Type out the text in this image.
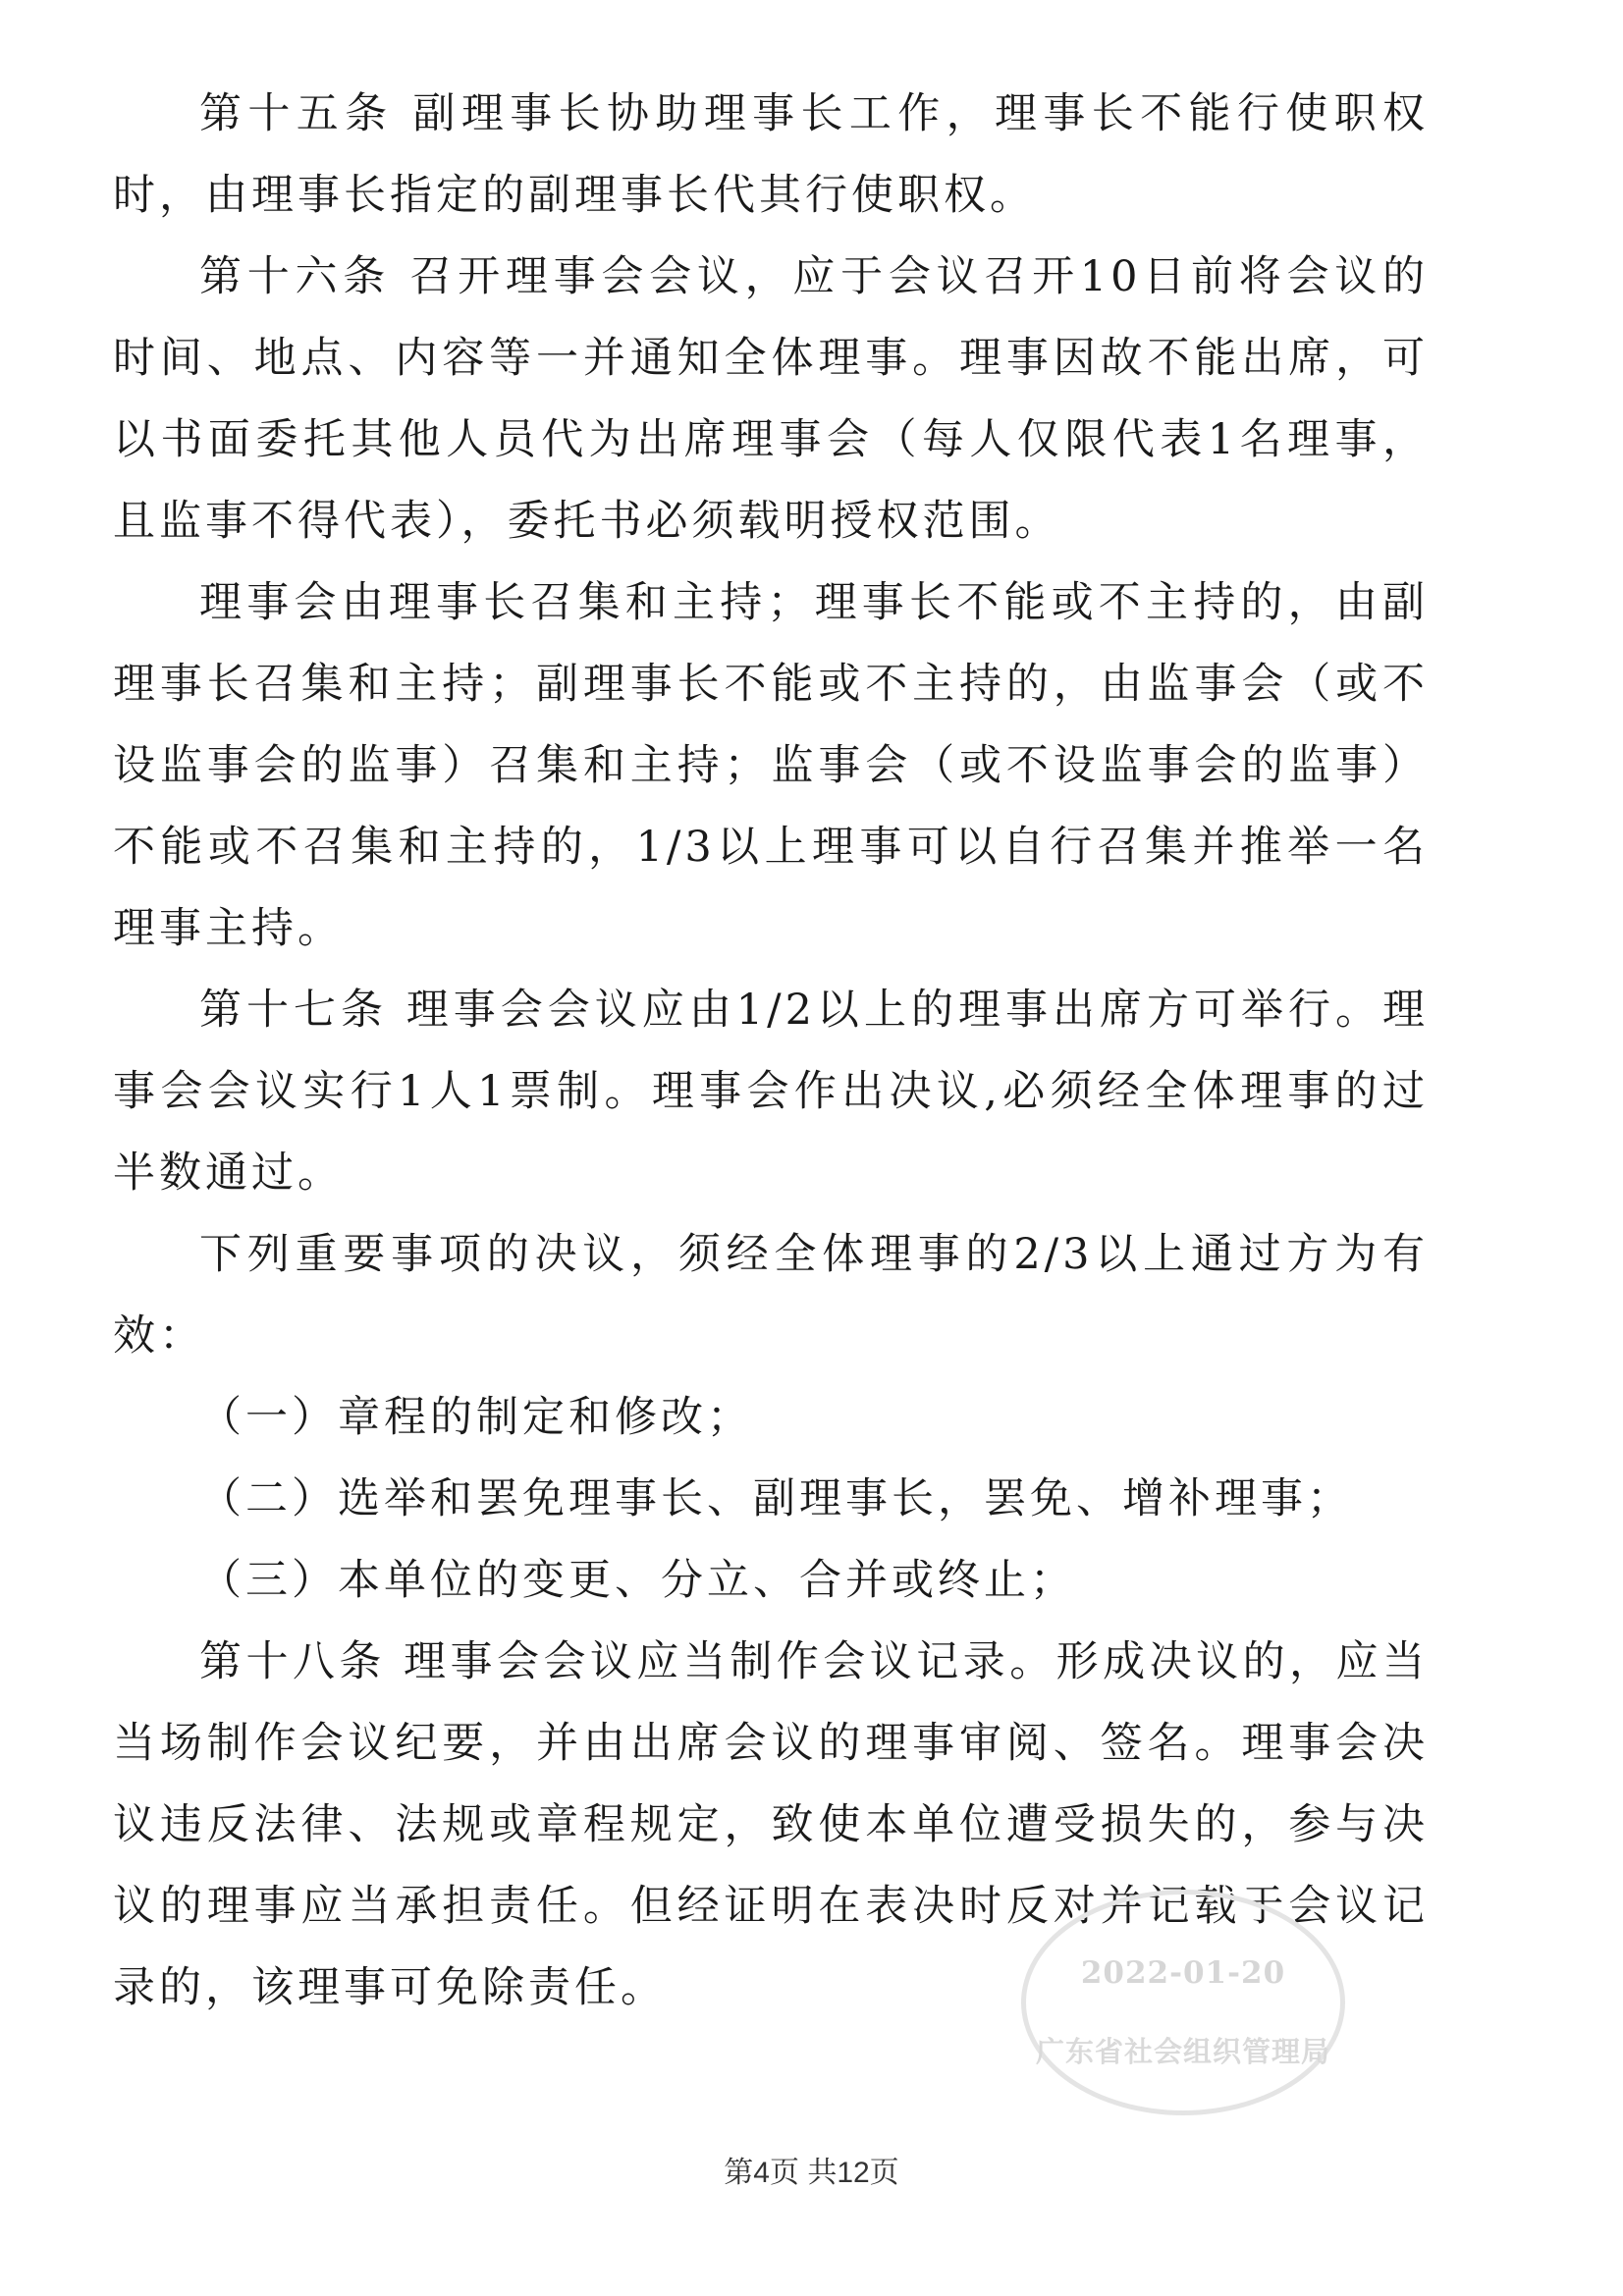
第十五条 副理事长协助理事长工作，理事长不能行使职权时，由理事长指定的副理事长代其行使职权。

第十六条 召开理事会会议，应于会议召开10日前将会议的时间、地点、内容等一并通知全体理事。理事因故不能出席，可以书面委托其他人员代为出席理事会（每人仅限代表1名理事，且监事不得代表），委托书必须载明授权范围。

理事会由理事长召集和主持；理事长不能或不主持的，由副理事长召集和主持；副理事长不能或不主持的，由监事会（或不设监事会的监事）召集和主持；监事会（或不设监事会的监事）不能或不召集和主持的，1/3以上理事可以自行召集并推举一名理事主持。

第十七条 理事会会议应由1/2以上的理事出席方可举行。理事会会议实行1人1票制。理事会作出决议,必须经全体理事的过半数通过。

下列重要事项的决议，须经全体理事的2/3以上通过方为有效：

（一）章程的制定和修改；

（二）选举和罢免理事长、副理事长，罢免、增补理事；

（三）本单位的变更、分立、合并或终止；

第十八条 理事会会议应当制作会议记录。形成决议的，应当当场制作会议纪要，并由出席会议的理事审阅、签名。理事会决议违反法律、法规或章程规定，致使本单位遭受损失的，参与决议的理事应当承担责任。但经证明在表决时反对并记载于会议记录的，该理事可免除责任。	2022-01-20
广东省社会组织管理局
第4页 共12页
